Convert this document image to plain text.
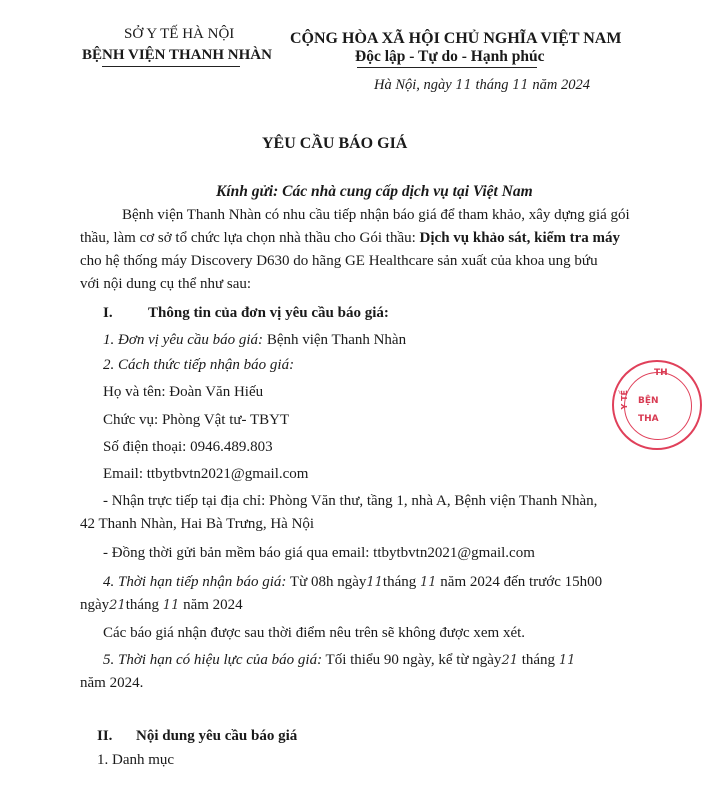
SỞ Y TẾ HÀ NỘI
BỆNH VIỆN THANH NHÀN
CỘNG HÒA XÃ HỘI CHỦ NGHĨA VIỆT NAM
Độc lập - Tự do - Hạnh phúc
Hà Nội, ngày 11 tháng 11 năm 2024
YÊU CẦU BÁO GIÁ
Kính gửi: Các nhà cung cấp dịch vụ tại Việt Nam
Bệnh viện Thanh Nhàn có nhu cầu tiếp nhận báo giá để tham khảo, xây dựng giá gói
thầu, làm cơ sở tổ chức lựa chọn nhà thầu cho Gói thầu: Dịch vụ khảo sát, kiểm tra máy
cho hệ thống máy Discovery D630 do hãng GE Healthcare sản xuất của khoa ung bứu
với nội dung cụ thể như sau:
I. Thông tin của đơn vị yêu cầu báo giá:
1. Đơn vị yêu cầu báo giá: Bệnh viện Thanh Nhàn
2. Cách thức tiếp nhận báo giá:
Họ và tên: Đoàn Văn Hiếu
Chức vụ: Phòng Vật tư- TBYT
Số điện thoại: 0946.489.803
Email: ttbytbvtn2021@gmail.com
- Nhận trực tiếp tại địa chỉ: Phòng Văn thư, tầng 1, nhà A, Bệnh viện Thanh Nhàn,
42 Thanh Nhàn, Hai Bà Trưng, Hà Nội
- Đồng thời gửi bản mềm báo giá qua email: ttbytbvtn2021@gmail.com
4. Thời hạn tiếp nhận báo giá: Từ 08h ngày11tháng 11 năm 2024 đến trước 15h00
ngày21tháng 11 năm 2024
Các báo giá nhận được sau thời điểm nêu trên sẽ không được xem xét.
5. Thời hạn có hiệu lực của báo giá: Tối thiểu 90 ngày, kể từ ngày21 tháng 11
năm 2024.
II. Nội dung yêu cầu báo giá
1. Danh mục
TH
BỆN
THA
Y TẾ
